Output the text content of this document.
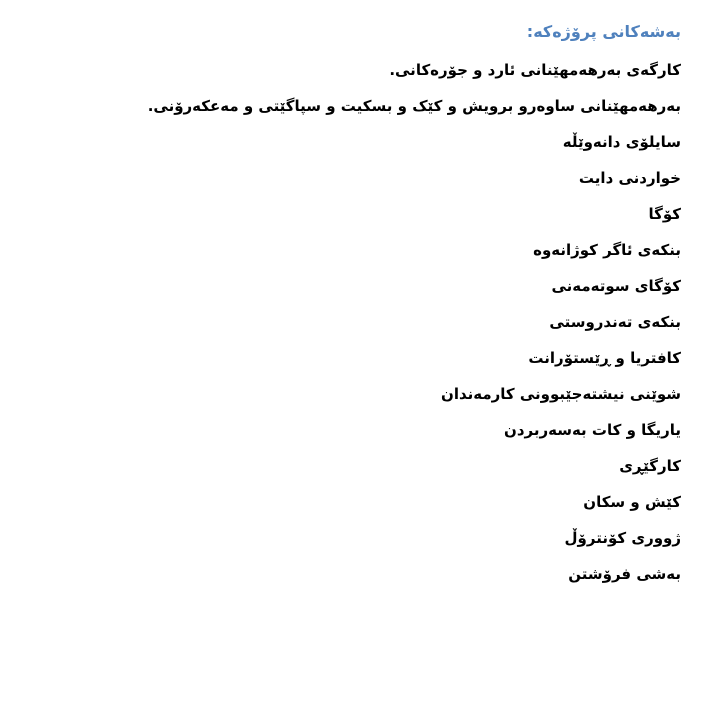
بەشەکانی پرۆژەکە:
کارگەی بەرهەمهێنانی ئارد و جۆرەکانی.
بەرهەمهێنانی ساوەرو برویش و کێک و بسکیت و سپاگێتی و مەعکەرۆنی.
سایلۆی دانەوێڵە
خواردنی دایت
کۆگا
بنکەی ئاگر کوژانەوە
کۆگای سوتەمەنی
بنکەی تەندروستی
کافتریا و ڕێستۆرانت
شوێنی نیشتەجێبوونی کارمەندان
یاریگا و کات بەسەربردن
کارگێڕی
کێش و سکان
ژووری کۆنترۆڵ
بەشی فرۆشتن
